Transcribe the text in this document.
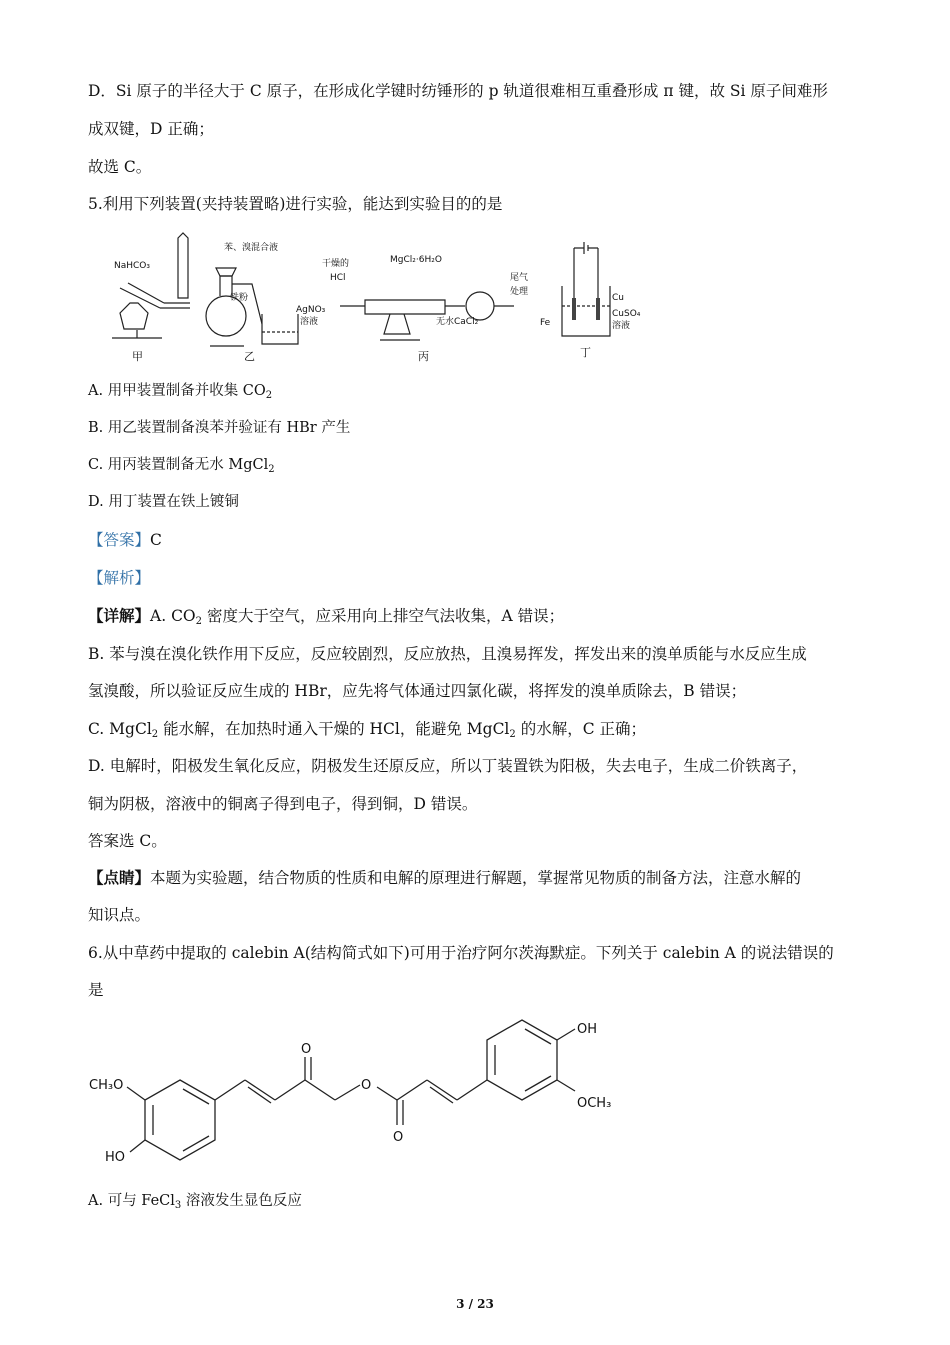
D．Si 原子的半径大于 C 原子，在形成化学键时纺锤形的 p 轨道很难相互重叠形成 π 键，故 Si 原子间难形
成双键，D 正确；
故选 C。
5.利用下列装置(夹持装置略)进行实验，能达到实验目的的是
NaHCO₃
甲
苯、溴混合液
铁粉
AgNO₃
溶液
乙
干燥的
HCl
MgCl₂·6H₂O
尾气
处理
无水CaCl₂
丙
Cu
CuSO₄
溶液
Fe
丁
A. 用甲装置制备并收集 $CO_2$
B. 用乙装置制备溴苯并验证有 HBr 产生
C. 用丙装置制备无水 MgCl$_2$
D. 用丁装置在铁上镀铜
【答案】C
【解析】
【详解】A. $CO_2$ 密度大于空气，应采用向上排空气法收集，A 错误；
B. 苯与溴在溴化铁作用下反应，反应较剧烈，反应放热，且溴易挥发，挥发出来的溴单质能与水反应生成
氢溴酸，所以验证反应生成的 HBr，应先将气体通过四氯化碳，将挥发的溴单质除去，B 错误；
C. MgCl$_2$ 能水解，在加热时通入干燥的 HCl，能避免 MgCl$_2$ 的水解，C 正确；
D. 电解时，阳极发生氧化反应，阴极发生还原反应，所以丁装置铁为阳极，失去电子，生成二价铁离子，
铜为阴极，溶液中的铜离子得到电子，得到铜，D 错误。
答案选 C。
【点睛】本题为实验题，结合物质的性质和电解的原理进行解题，掌握常见物质的制备方法，注意水解的
知识点。
6.从中草药中提取的 calebin A(结构简式如下)可用于治疗阿尔茨海默症。下列关于 calebin A 的说法错误的
是
CH₃O
HO
O
O
O
OH
OCH₃
A. 可与 FeCl$_3$ 溶液发生显色反应
3 / 23
